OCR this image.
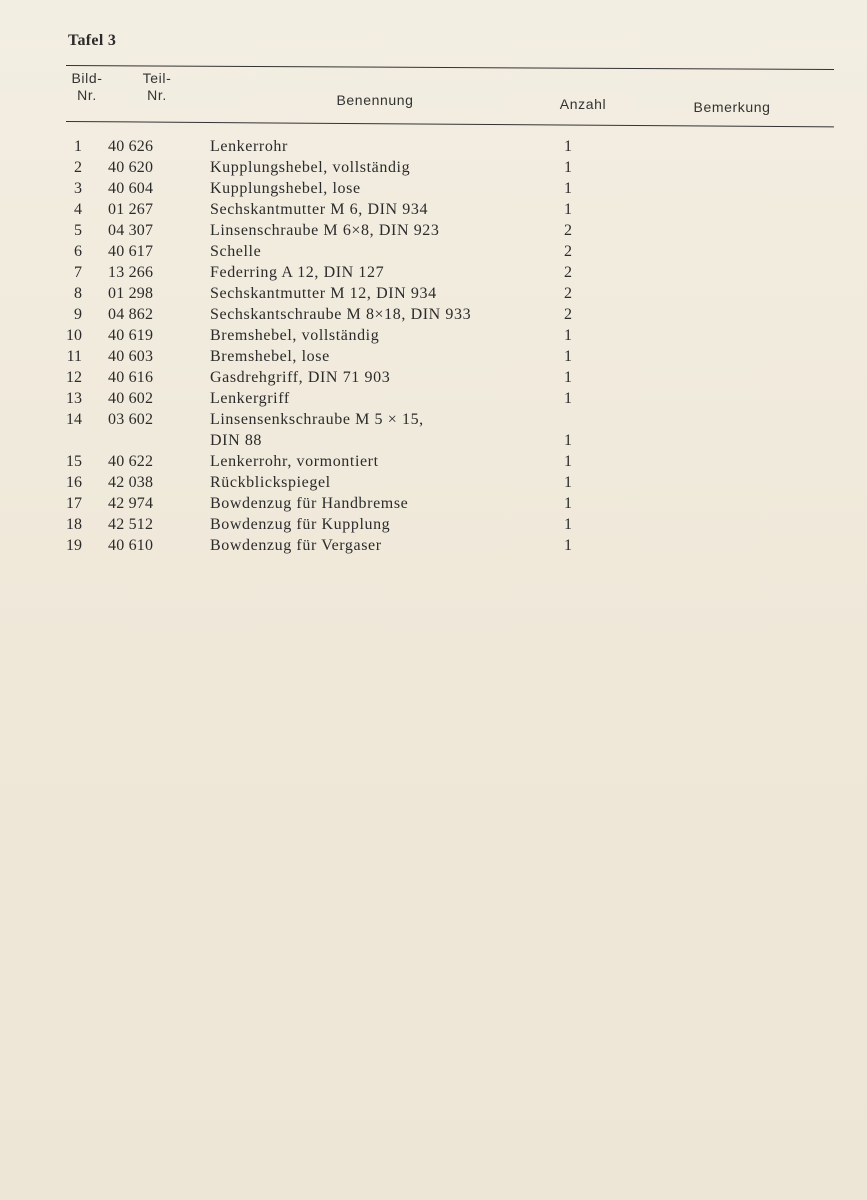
Tafel 3
Bild-
Nr.
Teil-
Nr.	Benennung	Anzahl	Bemerkung
1 40 626	Lenkerrohr	1
2 40 620	Kupplungshebel, vollständig	1
3 40 604	Kupplungshebel, lose	1
4 01 267	Sechskantmutter M 6, DIN 934	1
5 04 307	Linsenschraube M 6×8, DIN 923	2
6 40 617	Schelle	2
7 13 266	Federring A 12, DIN 127	2
8 01 298	Sechskantmutter M 12, DIN 934	2
9 04 862	Sechskantschraube M 8×18, DIN 933	2
10 40 619	Bremshebel, vollständig	1
11 40 603	Bremshebel, lose	1
12 40 616	Gasdrehgriff, DIN 71 903	1
13 40 602	Lenkergriff	1
14 03 602	Linsensenkschraube M 5 × 15,
DIN 88	1
15 40 622	Lenkerrohr, vormontiert	1
16 42 038	Rückblickspiegel	1
17 42 974	Bowdenzug für Handbremse	1
18 42 512	Bowdenzug für Kupplung	1
19 40 610	Bowdenzug für Vergaser	1
